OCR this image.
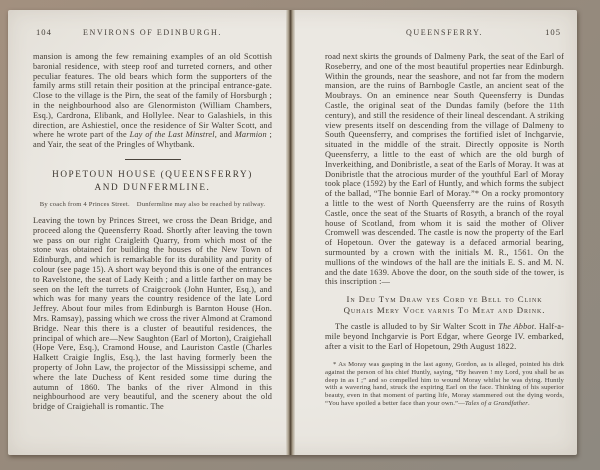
104	ENVIRONS OF EDINBURGH.

mansion is among the few remaining examples of an old Scottish baronial residence, with steep roof and turreted corners, and other peculiar features. The old bears which form the supporters of the family arms still retain their position at the principal entrance-gate. Close to the village is the Pirn, the seat of the family of Horsburgh ; in the neighbourhood also are Glenormiston (William Chambers, Esq.), Cardrona, Elibank, and Hollylee. Near to Galashiels, in this direction, are Ashiestiel, once the residence of Sir Walter Scott, and where he wrote part of the Lay of the Last Minstrel, and Marmion ; and Yair, the seat of the Pringles of Whytbank.

HOPETOUN HOUSE (QUEENSFERRY)
AND DUNFERMLINE.

By coach from 4 Princes Street.  Dunfermline may also be reached by railway.

Leaving the town by Princes Street, we cross the Dean Bridge, and proceed along the Queensferry Road. Shortly after leaving the town we pass on our right Craigleith Quarry, from which most of the stone was obtained for building the houses of the New Town of Edinburgh, and which is remarkable for its durability and purity of colour (see page 15). A short way beyond this is one of the entrances to Ravelstone, the seat of Lady Keith ; and a little farther on may be seen on the left the turrets of Craigcrook (John Hunter, Esq.), and which was for many years the country residence of the late Lord Jeffrey. About four miles from Edinburgh is Barnton House (Hon. Mrs. Ramsay), passing which we cross the river Almond at Cramond Bridge. Near this there is a cluster of beautiful residences, the principal of which are—New Saughton (Earl of Morton), Craigiehall (Hope Vere, Esq.), Cramond House, and Lauriston Castle (Charles Halkett Craigie Inglis, Esq.), the last having formerly been the property of John Law, the projector of the Mississippi scheme, and where the late Duchess of Kent resided some time during the autumn of 1860. The banks of the river Almond in this neighbourhood are very beautiful, and the scenery about the old bridge of Craigiehall is romantic. The

QUEENSFERRY.	105

road next skirts the grounds of Dalmeny Park, the seat of the Earl of Roseberry, and one of the most beautiful properties near Edinburgh. Within the grounds, near the seashore, and not far from the modern mansion, are the ruins of Barnbogle Castle, an ancient seat of the Moubrays. On an eminence near South Queensferry is Dundas Castle, the original seat of the Dundas family (before the 11th century), and still the residence of their lineal descendant. A striking view presents itself on descending from the village of Dalmeny to South Queensferry, and comprises the fortified islet of Inchgarvie, situated in the middle of the strait. Directly opposite is North Queensferry, a little to the east of which are the old burgh of Inverkeithing, and Donibristle, a seat of the Earls of Moray. It was at Donibristle that the atrocious murder of the youthful Earl of Moray took place (1592) by the Earl of Huntly, and which forms the subject of the ballad, “The bonnie Earl of Moray.”* On a rocky promontory a little to the west of North Queensferry are the ruins of Rosyth Castle, once the seat of the Stuarts of Rosyth, a branch of the royal house of Scotland, from whom it is said the mother of Oliver Cromwell was descended. The castle is now the property of the Earl of Hopetoun. Over the gateway is a defaced armorial bearing, surmounted by a crown with the initials M. R., 1561. On the mullions of the windows of the hall are the initials E. S. and M. N. and the date 1639. Above the door, on the south side of the tower, is this inscription :—

In Deu Tym Draw yes Cord ye Bell to Clink
Quhais Mery Voce varnis To Meat and Drink.

The castle is alluded to by Sir Walter Scott in The Abbot. Half-a-mile beyond Inchgarvie is Port Edgar, where George IV. embarked, after a visit to the Earl of Hopetoun, 29th August 1822.

* As Moray was gasping in the last agony, Gordon, as is alleged, pointed his dirk against the person of his chief Huntly, saying, “By heaven ! my Lord, you shall be as deep in as I ;” and so compelled him to wound Moray whilst he was dying. Huntly with a wavering hand, struck the expiring Earl on the face. Thinking of his superior beauty, even in that moment of parting life, Moray stammered out the dying words, “You have spoiled a better face than your own.”—Tales of a Grandfather.
